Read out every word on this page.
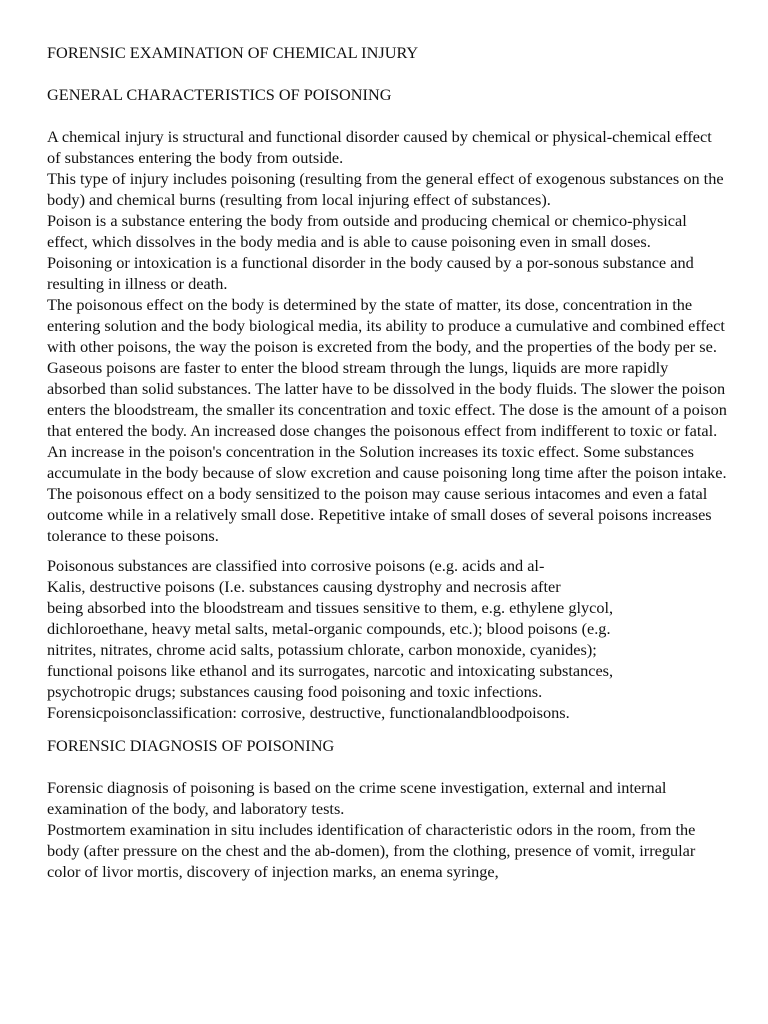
FORENSIC EXAMINATION OF CHEMICAL INJURY

GENERAL CHARACTERISTICS OF POISONING

A chemical injury is structural and functional disorder caused by chemical or physical-chemical effect of substances entering the body from outside.

This type of injury includes poisoning (resulting from the general effect of exogenous substances on the body) and chemical burns (resulting from local injuring effect of substances).

Poison is a substance entering the body from outside and producing chemical or chemico-physical effect, which dissolves in the body media and is able to cause poisoning even in small doses.

Poisoning or intoxication is a functional disorder in the body caused by a por-sonous substance and resulting in illness or death.

The poisonous effect on the body is determined by the state of matter, its dose, concentration in the entering solution and the body biological media, its ability to produce a cumulative and combined effect with other poisons, the way the poison is excreted from the body, and the properties of the body per se. Gaseous poisons are faster to enter the blood stream through the lungs, liquids are more rapidly absorbed than solid substances. The latter have to be dissolved in the body fluids. The slower the poison enters the bloodstream, the smaller its concentration and toxic effect. The dose is the amount of a poison that entered the body. An increased dose changes the poisonous effect from indifferent to toxic or fatal. An increase in the poison's concentration in the Solution increases its toxic effect. Some substances accumulate in the body because of slow excretion and cause poisoning long time after the poison intake.

The poisonous effect on a body sensitized to the poison may cause serious intacomes and even a fatal outcome while in a relatively small dose. Repetitive intake of small doses of several poisons increases tolerance to these poisons.

Poisonous substances are classified into corrosive poisons (e.g. acids and al-
Kalis, destructive poisons (I.e. substances causing dystrophy and necrosis after
being absorbed into the bloodstream and tissues sensitive to them, e.g. ethylene glycol,
dichloroethane, heavy metal salts, metal-organic compounds, etc.); blood poisons (e.g.
nitrites, nitrates, chrome acid salts, potassium chlorate, carbon monoxide, cyanides);
functional poisons like ethanol and its surrogates, narcotic and intoxicating substances,
psychotropic drugs; substances causing food poisoning and toxic infections.
Forensicpoisonclassification: corrosive, destructive, functionalandbloodpoisons.

FORENSIC DIAGNOSIS OF POISONING

Forensic diagnosis of poisoning is based on the crime scene investigation, external and internal examination of the body, and laboratory tests.

Postmortem examination in situ includes identification of characteristic odors in the room, from the body (after pressure on the chest and the ab-domen), from the clothing, presence of vomit, irregular color of livor mortis, discovery of injection marks, an enema syringe,
